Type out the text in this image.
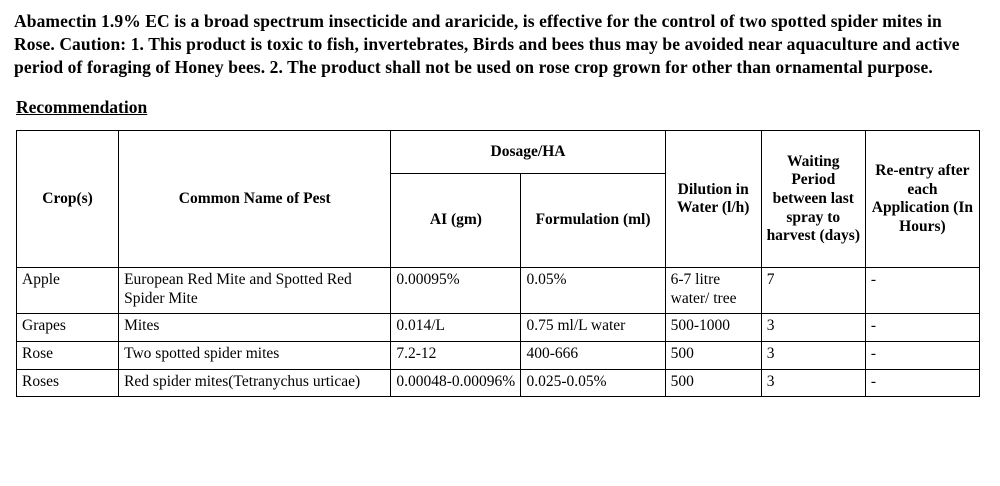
Abamectin 1.9% EC is a broad spectrum insecticide and araricide, is effective for the control of two spotted spider mites in Rose. Caution: 1. This product is toxic to fish, invertebrates, Birds and bees thus may be avoided near aquaculture and active period of foraging of Honey bees. 2. The product shall not be used on rose crop grown for other than ornamental purpose.

Recommendation
Crop(s)	Common Name of Pest	Dosage/HA		Dilution in Water (l/h)	Waiting Period between last spray to harvest (days)	Re-entry after each Application (In Hours)
		AI (gm)	Formulation (ml)			
Apple	European Red Mite and Spotted Red Spider Mite	0.00095%	0.05%	6-7 litre water/ tree	7	-
Grapes	Mites	0.014/L	0.75 ml/L water	500-1000	3	-
Rose	Two spotted spider mites	7.2-12	400-666	500	3	-
Roses	Red spider mites(Tetranychus urticae)	0.00048-0.00096%	0.025-0.05%	500	3	-
